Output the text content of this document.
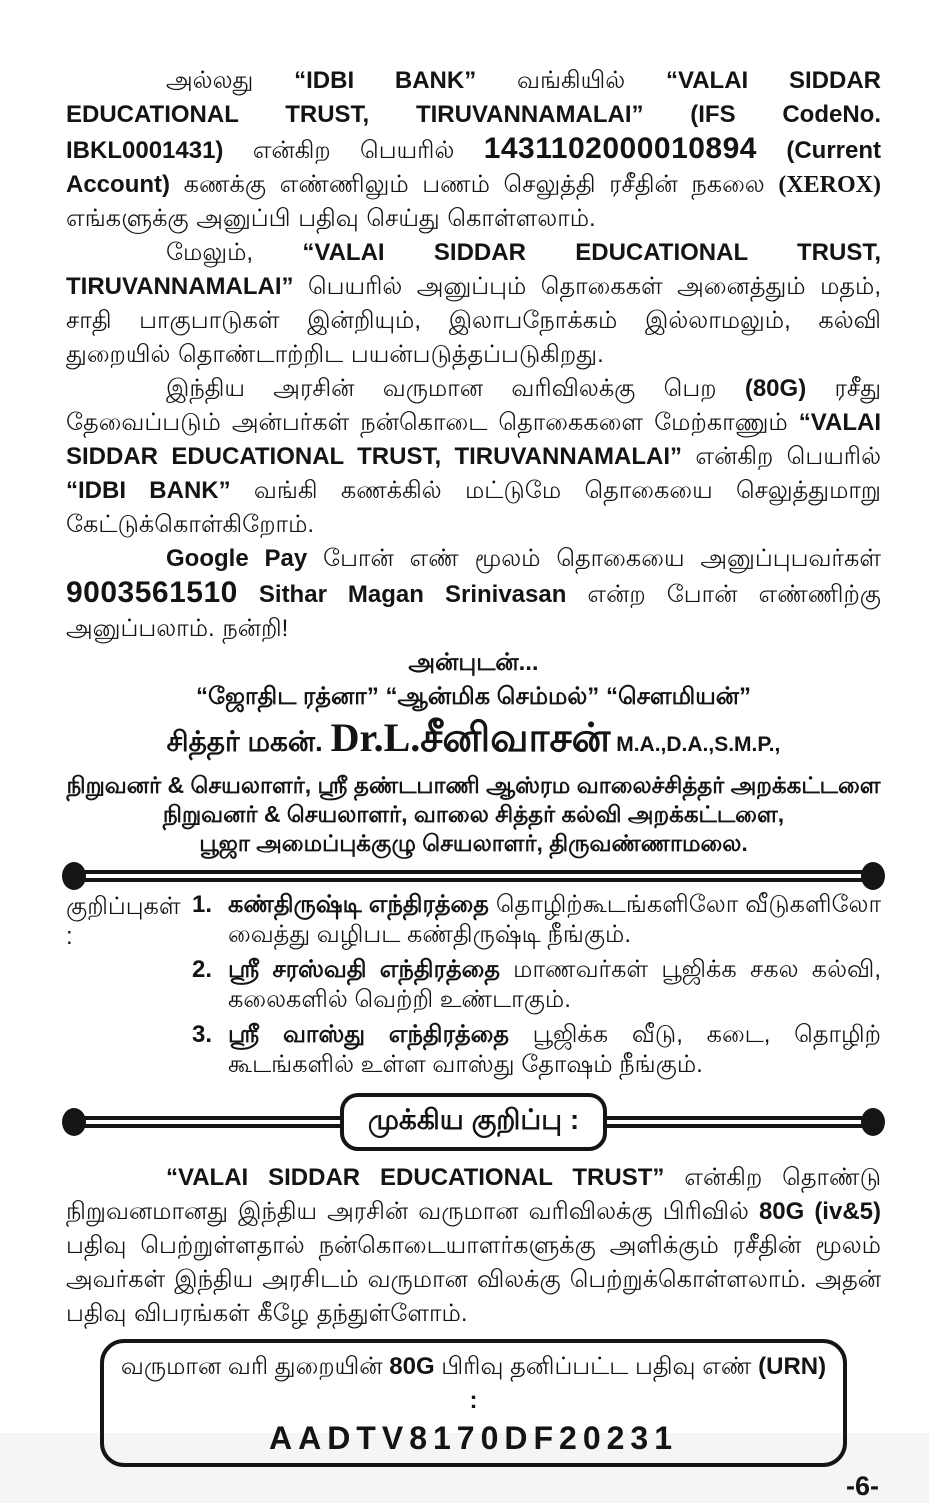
அல்லது “IDBI BANK” வங்கியில் “VALAI SIDDAR EDUCATIONAL TRUST, TIRUVANNAMALAI” (IFS CodeNo. IBKL0001431) என்கிற பெயரில் 1431102000010894 (Current Account) கணக்கு எண்ணிலும் பணம் செலுத்தி ரசீதின் நகலை (XEROX) எங்களுக்கு அனுப்பி பதிவு செய்து கொள்ளலாம்.

மேலும், “VALAI SIDDAR EDUCATIONAL TRUST, TIRUVANNAMALAI” பெயரில் அனுப்பும் தொகைகள் அனைத்தும் மதம், சாதி பாகுபாடுகள் இன்றியும், இலாபநோக்கம் இல்லாமலும், கல்வி துறையில் தொண்டாற்றிட பயன்படுத்தப்படுகிறது.

இந்திய அரசின் வருமான வரிவிலக்கு பெற (80G) ரசீது தேவைப்படும் அன்பர்கள் நன்கொடை தொகைகளை மேற்காணும் “VALAI SIDDAR EDUCATIONAL TRUST, TIRUVANNAMALAI” என்கிற பெயரில் “IDBI BANK” வங்கி கணக்கில் மட்டுமே தொகையை செலுத்துமாறு கேட்டுக்கொள்கிறோம்.

Google Pay போன் எண் மூலம் தொகையை அனுப்புபவர்கள் 9003561510 Sithar Magan Srinivasan என்ற போன் எண்ணிற்கு அனுப்பலாம். நன்றி!

அன்புடன்...
“ஜோதிட ரத்னா” “ஆன்மிக செம்மல்” “சௌமியன்”
சித்தர் மகன். Dr.L.சீனிவாசன் M.A.,D.A.,S.M.P.,
நிறுவனர் & செயலாளர், ஸ்ரீ தண்டபாணி ஆஸ்ரம வாலைச்சித்தர் அறக்கட்டளை
நிறுவனர் & செயலாளர், வாலை சித்தர் கல்வி அறக்கட்டளை,
பூஜா அமைப்புக்குழு செயலாளர், திருவண்ணாமலை.
குறிப்புகள் :
1. கண்திருஷ்டி எந்திரத்தை தொழிற்கூடங்களிலோ வீடுகளிலோ வைத்து வழிபட கண்திருஷ்டி நீங்கும்.
2. ஸ்ரீ சரஸ்வதி எந்திரத்தை மாணவர்கள் பூஜிக்க சகல கல்வி, கலைகளில் வெற்றி உண்டாகும்.
3. ஸ்ரீ வாஸ்து எந்திரத்தை பூஜிக்க வீடு, கடை, தொழிற் கூடங்களில் உள்ள வாஸ்து தோஷம் நீங்கும்.
முக்கிய குறிப்பு :

“VALAI SIDDAR EDUCATIONAL TRUST” என்கிற தொண்டு நிறுவனமானது இந்திய அரசின் வருமான வரிவிலக்கு பிரிவில் 80G (iv&5) பதிவு பெற்றுள்ளதால் நன்கொடையாளர்களுக்கு அளிக்கும் ரசீதின் மூலம் அவர்கள் இந்திய அரசிடம் வருமான விலக்கு பெற்றுக்கொள்ளலாம். அதன் பதிவு விபரங்கள் கீழே தந்துள்ளோம்.

வருமான வரி துறையின் 80G பிரிவு தனிப்பட்ட பதிவு எண் (URN) :
AADTV8170DF20231
-6-
